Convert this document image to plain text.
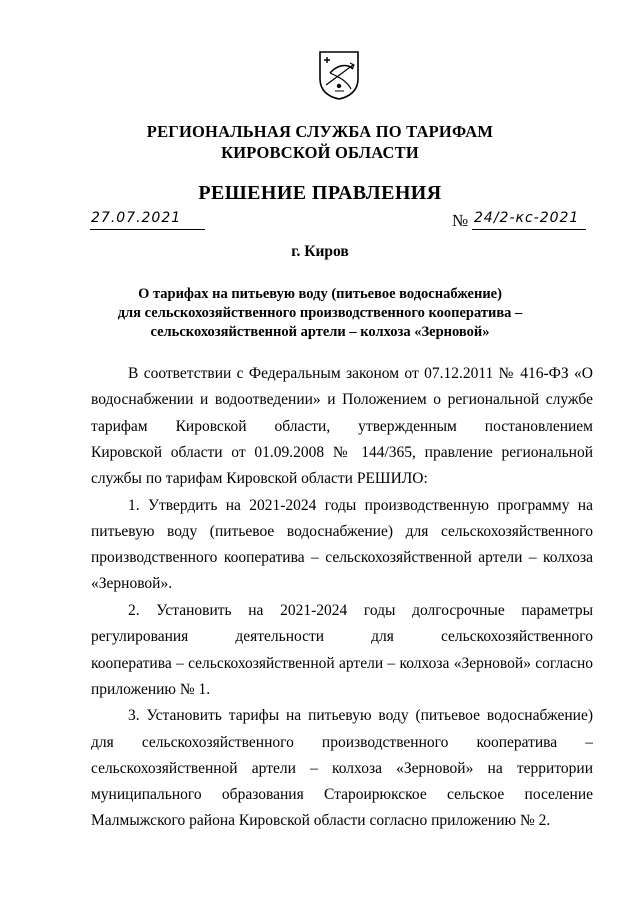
РЕГИОНАЛЬНАЯ СЛУЖБА ПО ТАРИФАМ
КИРОВСКОЙ ОБЛАСТИ
РЕШЕНИЕ ПРАВЛЕНИЯ
27.07.2021	№ 24/2-кс-2021
г. Киров
О тарифах на питьевую воду (питьевое водоснабжение)
для сельскохозяйственного производственного кооператива –
сельскохозяйственной артели – колхоза «Зерновой»
В соответствии с Федеральным законом от 07.12.2011 № 416-ФЗ «О
водоснабжении и водоотведении» и Положением о региональной службе
тарифам Кировской области, утвержденным постановлением
Кировской области от 01.09.2008 № 144/365, правление региональной
службы по тарифам Кировской области РЕШИЛО:
1. Утвердить на 2021-2024 годы производственную программу на
питьевую воду (питьевое водоснабжение) для сельскохозяйственного
производственного кооператива – сельскохозяйственной артели – колхоза
«Зерновой».
2. Установить на 2021-2024 годы долгосрочные параметры
регулирования деятельности для сельскохозяйственного
кооператива – сельскохозяйственной артели – колхоза «Зерновой» согласно
приложению № 1.
3. Установить тарифы на питьевую воду (питьевое водоснабжение)
для сельскохозяйственного производственного кооператива –
сельскохозяйственной артели – колхоза «Зерновой» на территории
муниципального образования Староирюкское сельское поселение
Малмыжского района Кировской области согласно приложению № 2.
